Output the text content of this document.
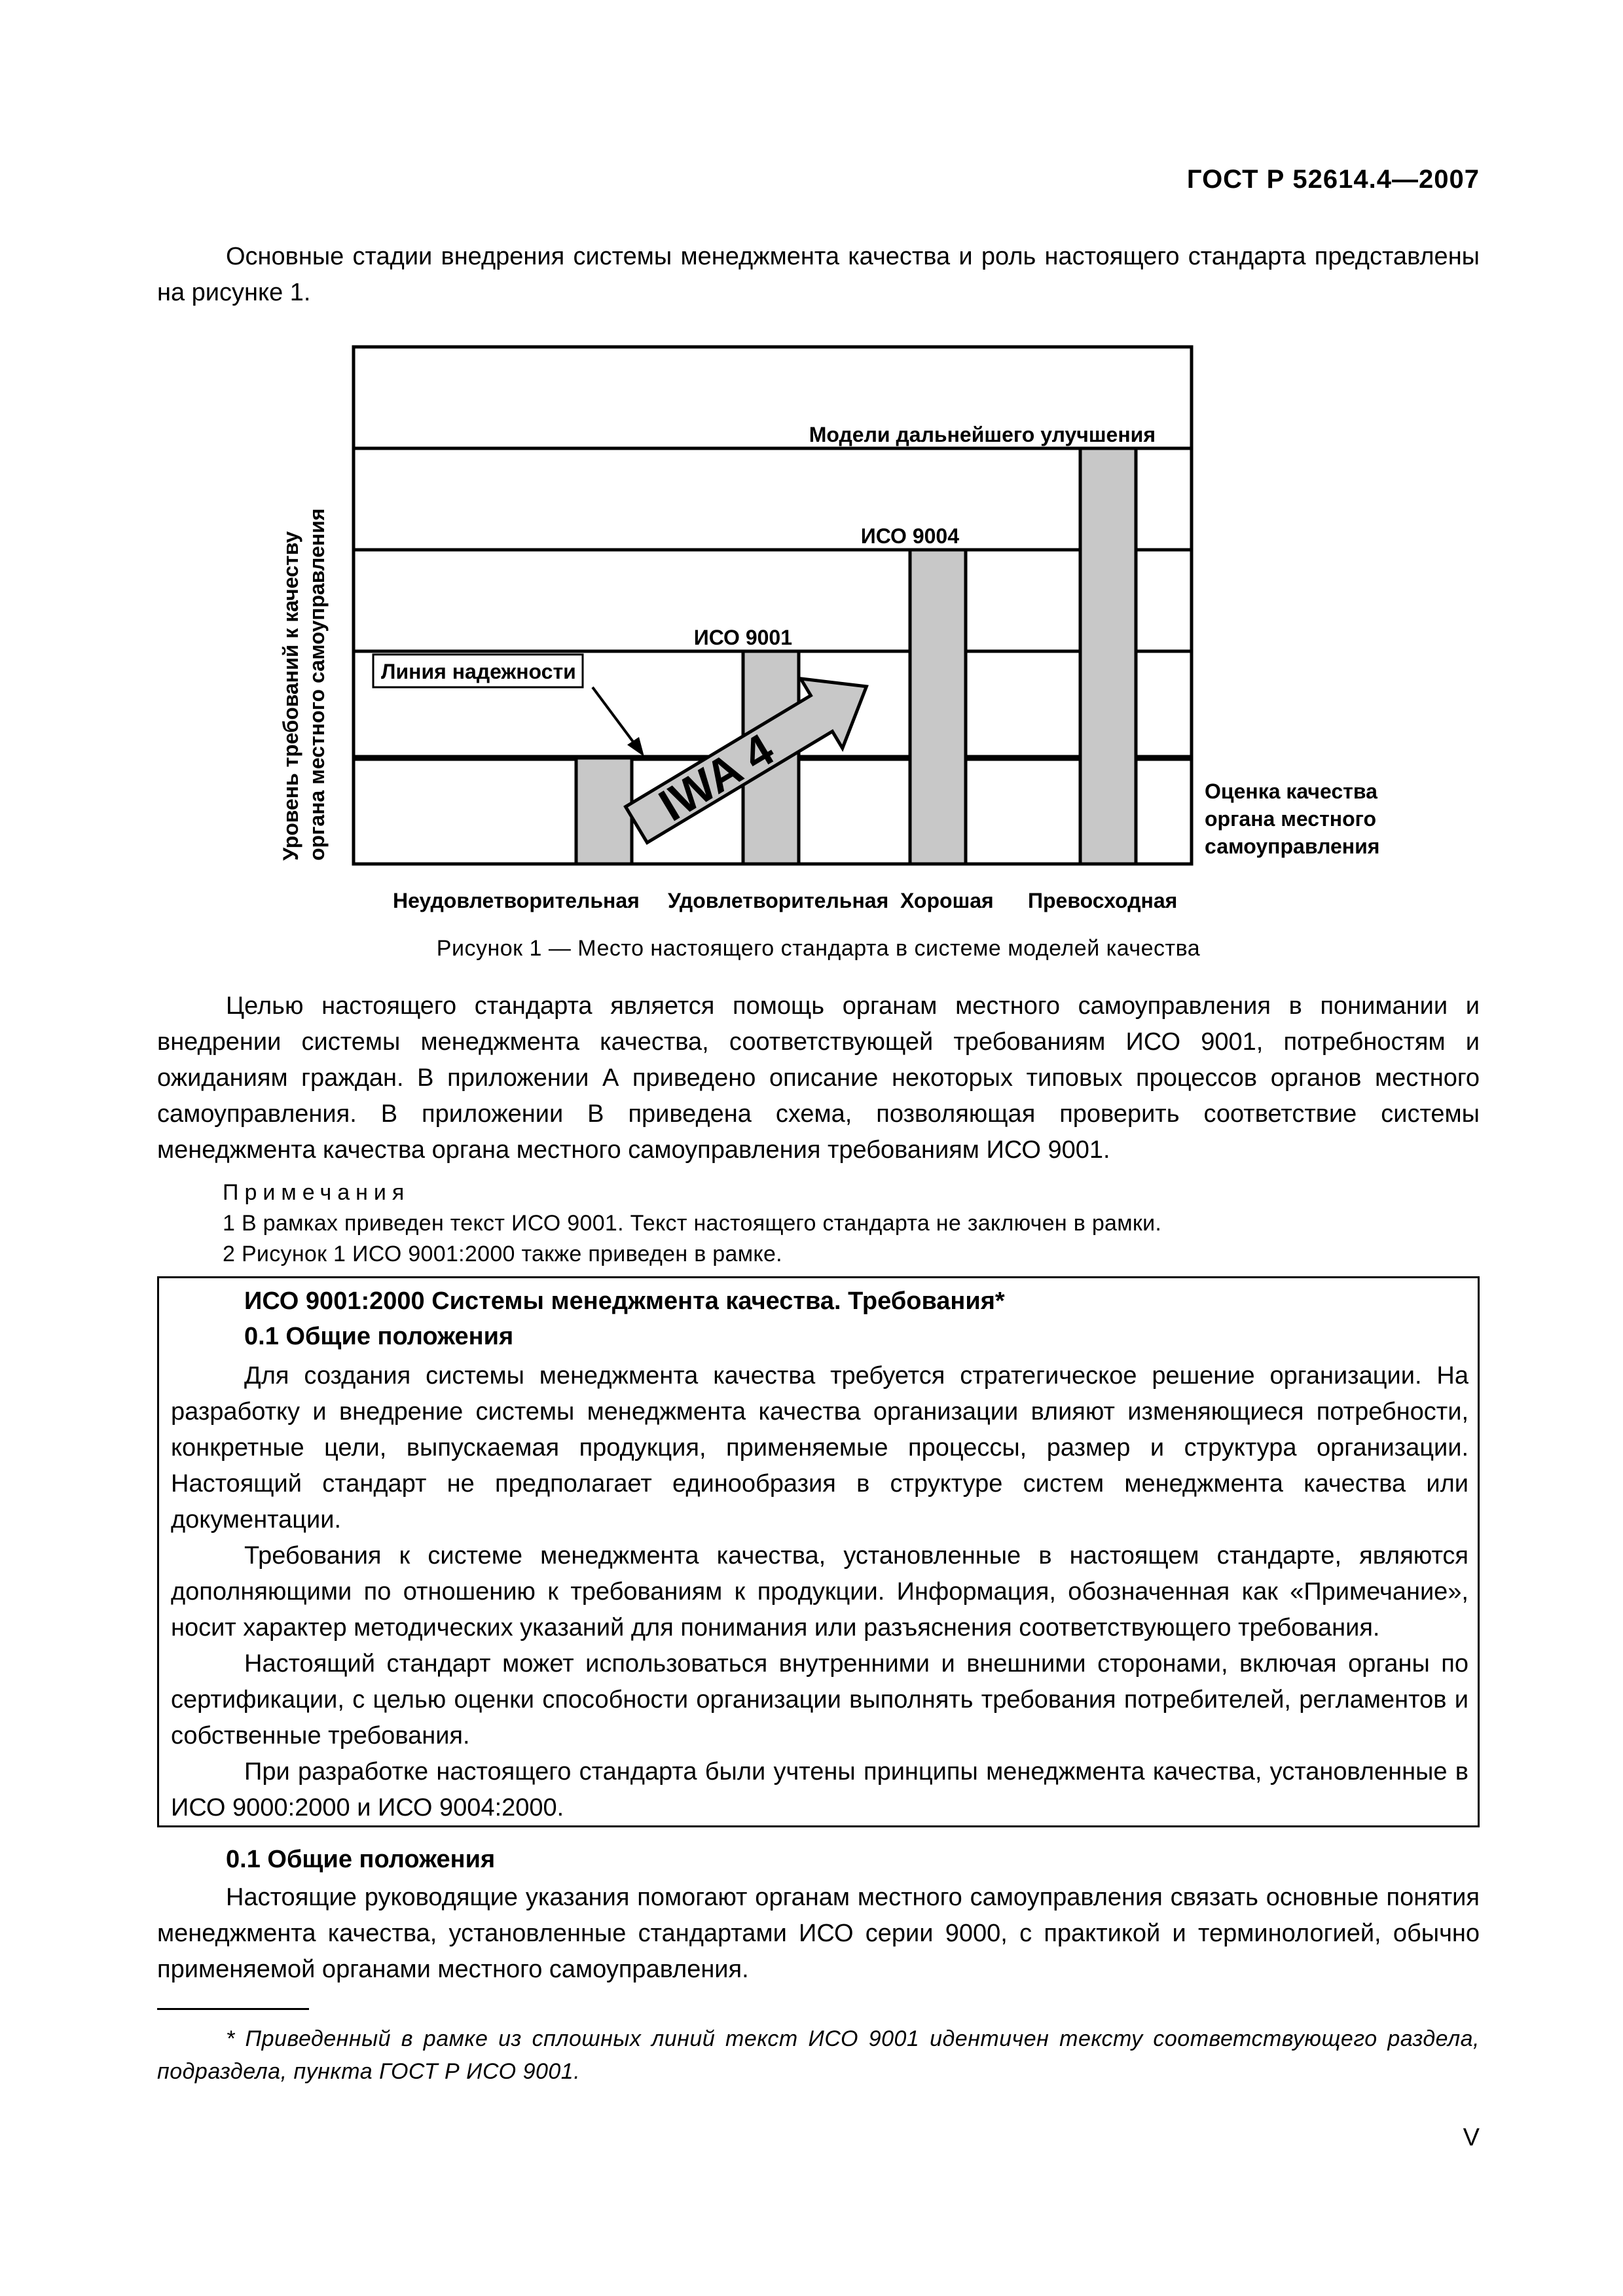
ГОСТ Р 52614.4—2007

Основные стадии внедрения системы менеджмента качества и роль настоящего стандарта представлены на рисунке 1.

Модели дальнейшего улучшения
ИСО 9004
ИСО 9001
Линия надежности
IWA 4
Уровень требований к качеству органа местного самоуправления	Оценка качества
органа местного
самоуправления
Неудовлетворительная Удовлетворительная Хорошая Превосходная
Рисунок 1 — Место настоящего стандарта в системе моделей качества

Целью настоящего стандарта является помощь органам местного самоуправления в понимании и внедрении системы менеджмента качества, соответствующей требованиям ИСО 9001, потребностям и ожиданиям граждан. В приложении А приведено описание некоторых типовых процессов органов местного самоуправления. В приложении В приведена схема, позволяющая проверить соответствие системы менеджмента качества органа местного самоуправления требованиям ИСО 9001.

Примечания
1 В рамках приведен текст ИСО 9001. Текст настоящего стандарта не заключен в рамки.
2 Рисунок 1 ИСО 9001:2000 также приведен в рамке.
ИСО 9001:2000 Системы менеджмента качества. Требования*
0.1 Общие положения

Для создания системы менеджмента качества требуется стратегическое решение организации. На разработку и внедрение системы менеджмента качества организации влияют изменяющиеся потребности, конкретные цели, выпускаемая продукция, применяемые процессы, размер и структура организации. Настоящий стандарт не предполагает единообразия в структуре систем менеджмента качества или документации.

Требования к системе менеджмента качества, установленные в настоящем стандарте, являются дополняющими по отношению к требованиям к продукции. Информация, обозначенная как «Примечание», носит характер методических указаний для понимания или разъяснения соответствующего требования.

Настоящий стандарт может использоваться внутренними и внешними сторонами, включая органы по сертификации, с целью оценки способности организации выполнять требования потребителей, регламентов и собственные требования.

При разработке настоящего стандарта были учтены принципы менеджмента качества, установленные в ИСО 9000:2000 и ИСО 9004:2000.

0.1 Общие положения

Настоящие руководящие указания помогают органам местного самоуправления связать основные понятия менеджмента качества, установленные стандартами ИСО серии 9000, с практикой и терминологией, обычно применяемой органами местного самоуправления.

* Приведенный в рамке из сплошных линий текст ИСО 9001 идентичен тексту соответствующего раздела, подраздела, пункта ГОСТ Р ИСО 9001.

V
